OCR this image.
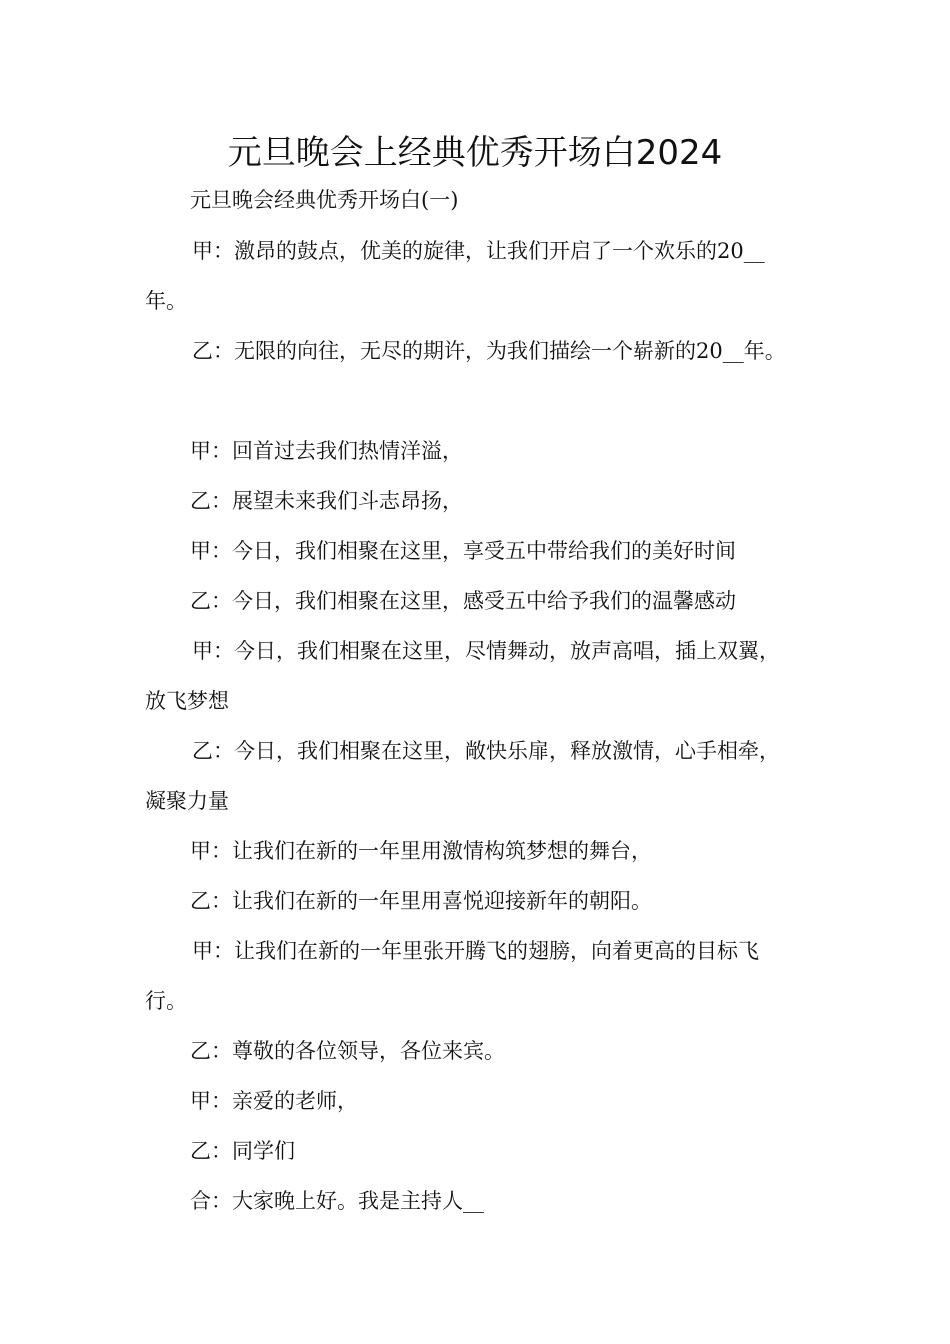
元旦晚会上经典优秀开场白2024

元旦晚会经典优秀开场白(一)

甲：激昂的鼓点，优美的旋律，让我们开启了一个欢乐的20__

年。

乙：无限的向往，无尽的期许，为我们描绘一个崭新的20__年。

甲：回首过去我们热情洋溢，

乙：展望未来我们斗志昂扬，

甲：今日，我们相聚在这里，享受五中带给我们的美好时间

乙：今日，我们相聚在这里，感受五中给予我们的温馨感动

甲：今日，我们相聚在这里，尽情舞动，放声高唱，插上双翼，

放飞梦想

乙：今日，我们相聚在这里，敞快乐扉，释放激情，心手相牵，

凝聚力量

甲：让我们在新的一年里用激情构筑梦想的舞台，

乙：让我们在新的一年里用喜悦迎接新年的朝阳。

甲：让我们在新的一年里张开腾飞的翅膀，向着更高的目标飞

行。

乙：尊敬的各位领导，各位来宾。

甲：亲爱的老师，

乙：同学们

合：大家晚上好。我是主持人__
